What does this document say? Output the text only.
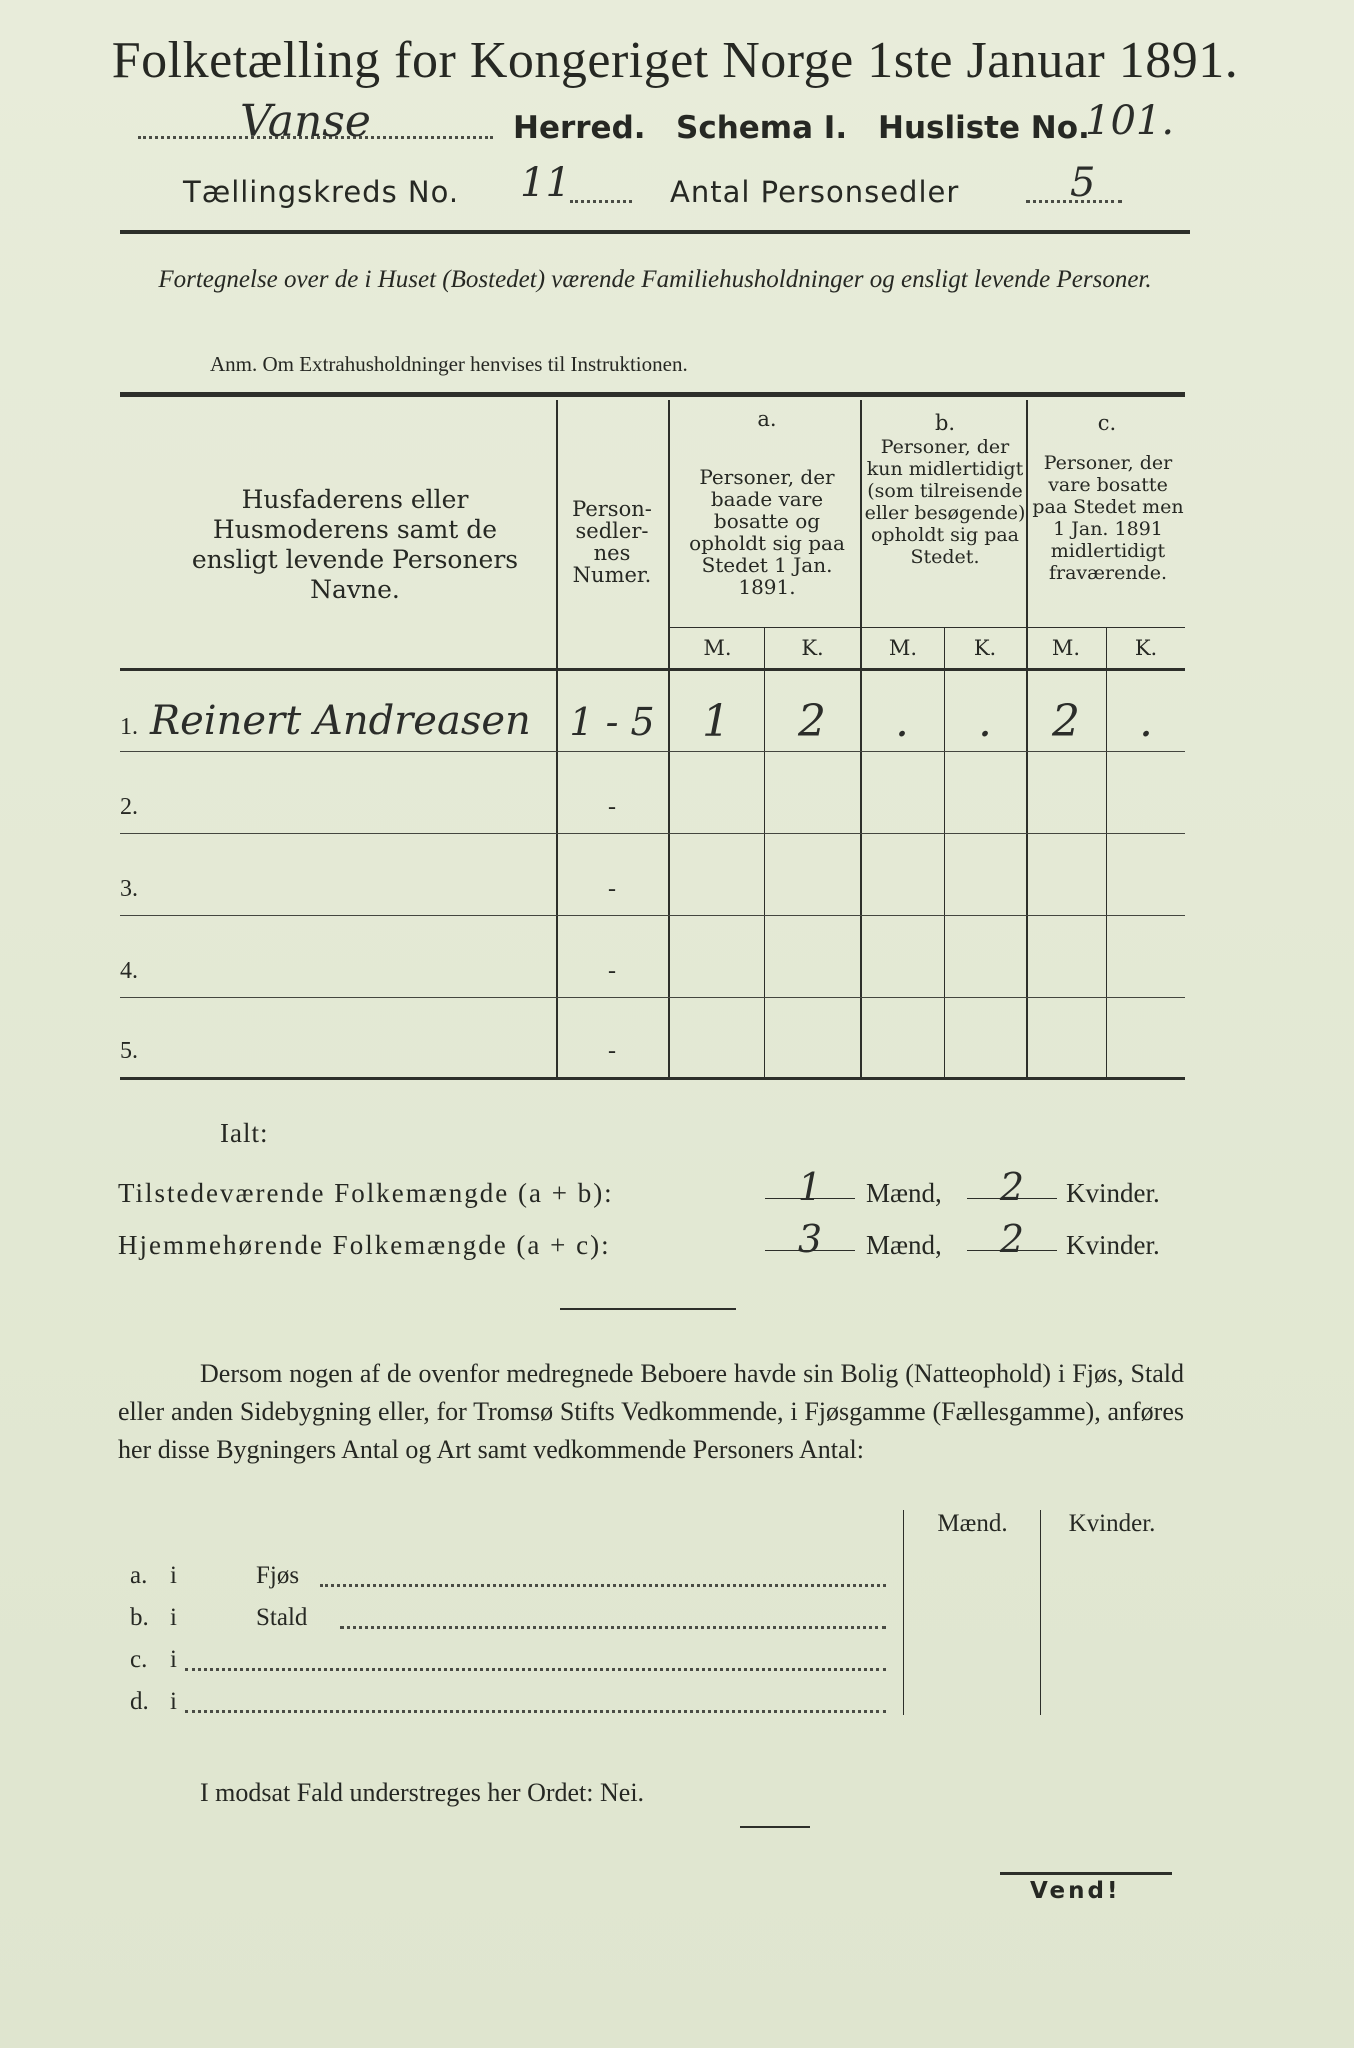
Folketælling for Kongeriget Norge 1ste Januar 1891.
Vanse	Herred. Schema I. Husliste No.
101.
Tællingskreds No. 11	Antal Personsedler	5
Fortegnelse over de i Huset (Bostedet) værende Familiehusholdninger og ensligt levende Personer.
Anm. Om Extrahusholdninger henvises til Instruktionen.
Husfaderens eller Husmoderens samt de ensligt levende Personers Navne.
Person-sedler-nes Numer.
a.
Personer, der baade vare bosatte og opholdt sig paa Stedet 1 Jan. 1891.
b.
Personer, der kun midlertidigt (som tilreisende eller besøgende) opholdt sig paa Stedet.
c.
Personer, der vare bosatte paa Stedet men 1 Jan. 1891 midlertidigt fraværende.
M.	K.	M.	K.	M.	K.
1. Reinert Andreasen	1 - 5	1	2	.	.	2	.
2.	-
3.	-
4.	-
5.	-
Ialt:
Tilstedeværende Folkemængde (a + b):	1	Mænd,	2	Kvinder.
Hjemmehørende Folkemængde (a + c):	3	Mænd,	2	Kvinder.
Dersom nogen af de ovenfor medregnede Beboere havde sin Bolig (Natteophold) i Fjøs, Stald eller anden Sidebygning eller, for Tromsø Stifts Vedkommende, i Fjøsgamme (Fællesgamme), anføres her disse Bygningers Antal og Art samt vedkommende Personers Antal:
Mænd.	Kvinder.
a. i	Fjøs
b. i	Stald
c. i
d. i
I modsat Fald understreges her Ordet: Nei.
Vend!
